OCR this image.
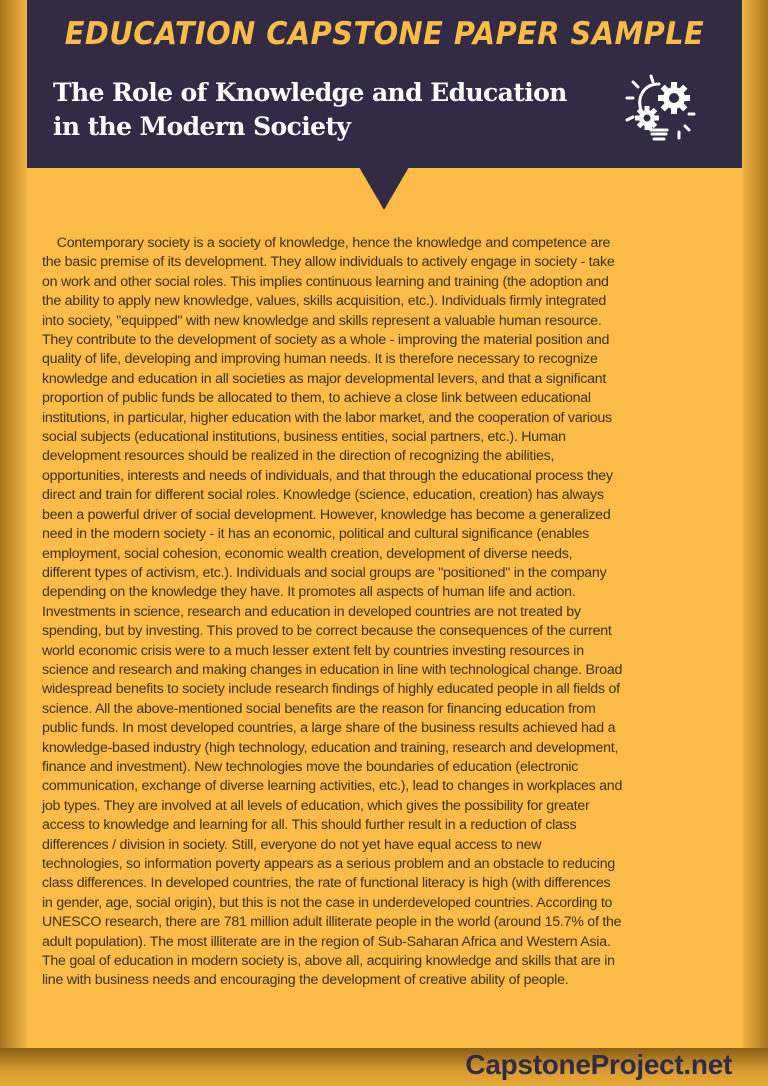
EDUCATION CAPSTONE PAPER SAMPLE
The Role of Knowledge and Education
in the Modern Society
Contemporary society is a society of knowledge, hence the knowledge and competence are
the basic premise of its development. They allow individuals to actively engage in society - take
on work and other social roles. This implies continuous learning and training (the adoption and
the ability to apply new knowledge, values, skills acquisition, etc.). Individuals firmly integrated
into society, "equipped" with new knowledge and skills represent a valuable human resource.
They contribute to the development of society as a whole - improving the material position and
quality of life, developing and improving human needs. It is therefore necessary to recognize
knowledge and education in all societies as major developmental levers, and that a significant
proportion of public funds be allocated to them, to achieve a close link between educational
institutions, in particular, higher education with the labor market, and the cooperation of various
social subjects (educational institutions, business entities, social partners, etc.). Human
development resources should be realized in the direction of recognizing the abilities,
opportunities, interests and needs of individuals, and that through the educational process they
direct and train for different social roles. Knowledge (science, education, creation) has always
been a powerful driver of social development. However, knowledge has become a generalized
need in the modern society - it has an economic, political and cultural significance (enables
employment, social cohesion, economic wealth creation, development of diverse needs,
different types of activism, etc.). Individuals and social groups are "positioned" in the company
depending on the knowledge they have. It promotes all aspects of human life and action.
Investments in science, research and education in developed countries are not treated by
spending, but by investing. This proved to be correct because the consequences of the current
world economic crisis were to a much lesser extent felt by countries investing resources in
science and research and making changes in education in line with technological change. Broad
widespread benefits to society include research findings of highly educated people in all fields of
science. All the above-mentioned social benefits are the reason for financing education from
public funds. In most developed countries, a large share of the business results achieved had a
knowledge-based industry (high technology, education and training, research and development,
finance and investment). New technologies move the boundaries of education (electronic
communication, exchange of diverse learning activities, etc.), lead to changes in workplaces and
job types. They are involved at all levels of education, which gives the possibility for greater
access to knowledge and learning for all. This should further result in a reduction of class
differences / division in society. Still, everyone do not yet have equal access to new
technologies, so information poverty appears as a serious problem and an obstacle to reducing
class differences. In developed countries, the rate of functional literacy is high (with differences
in gender, age, social origin), but this is not the case in underdeveloped countries. According to
UNESCO research, there are 781 million adult illiterate people in the world (around 15.7% of the
adult population). The most illiterate are in the region of Sub-Saharan Africa and Western Asia.
The goal of education in modern society is, above all, acquiring knowledge and skills that are in
line with business needs and encouraging the development of creative ability of people.
CapstoneProject.net
